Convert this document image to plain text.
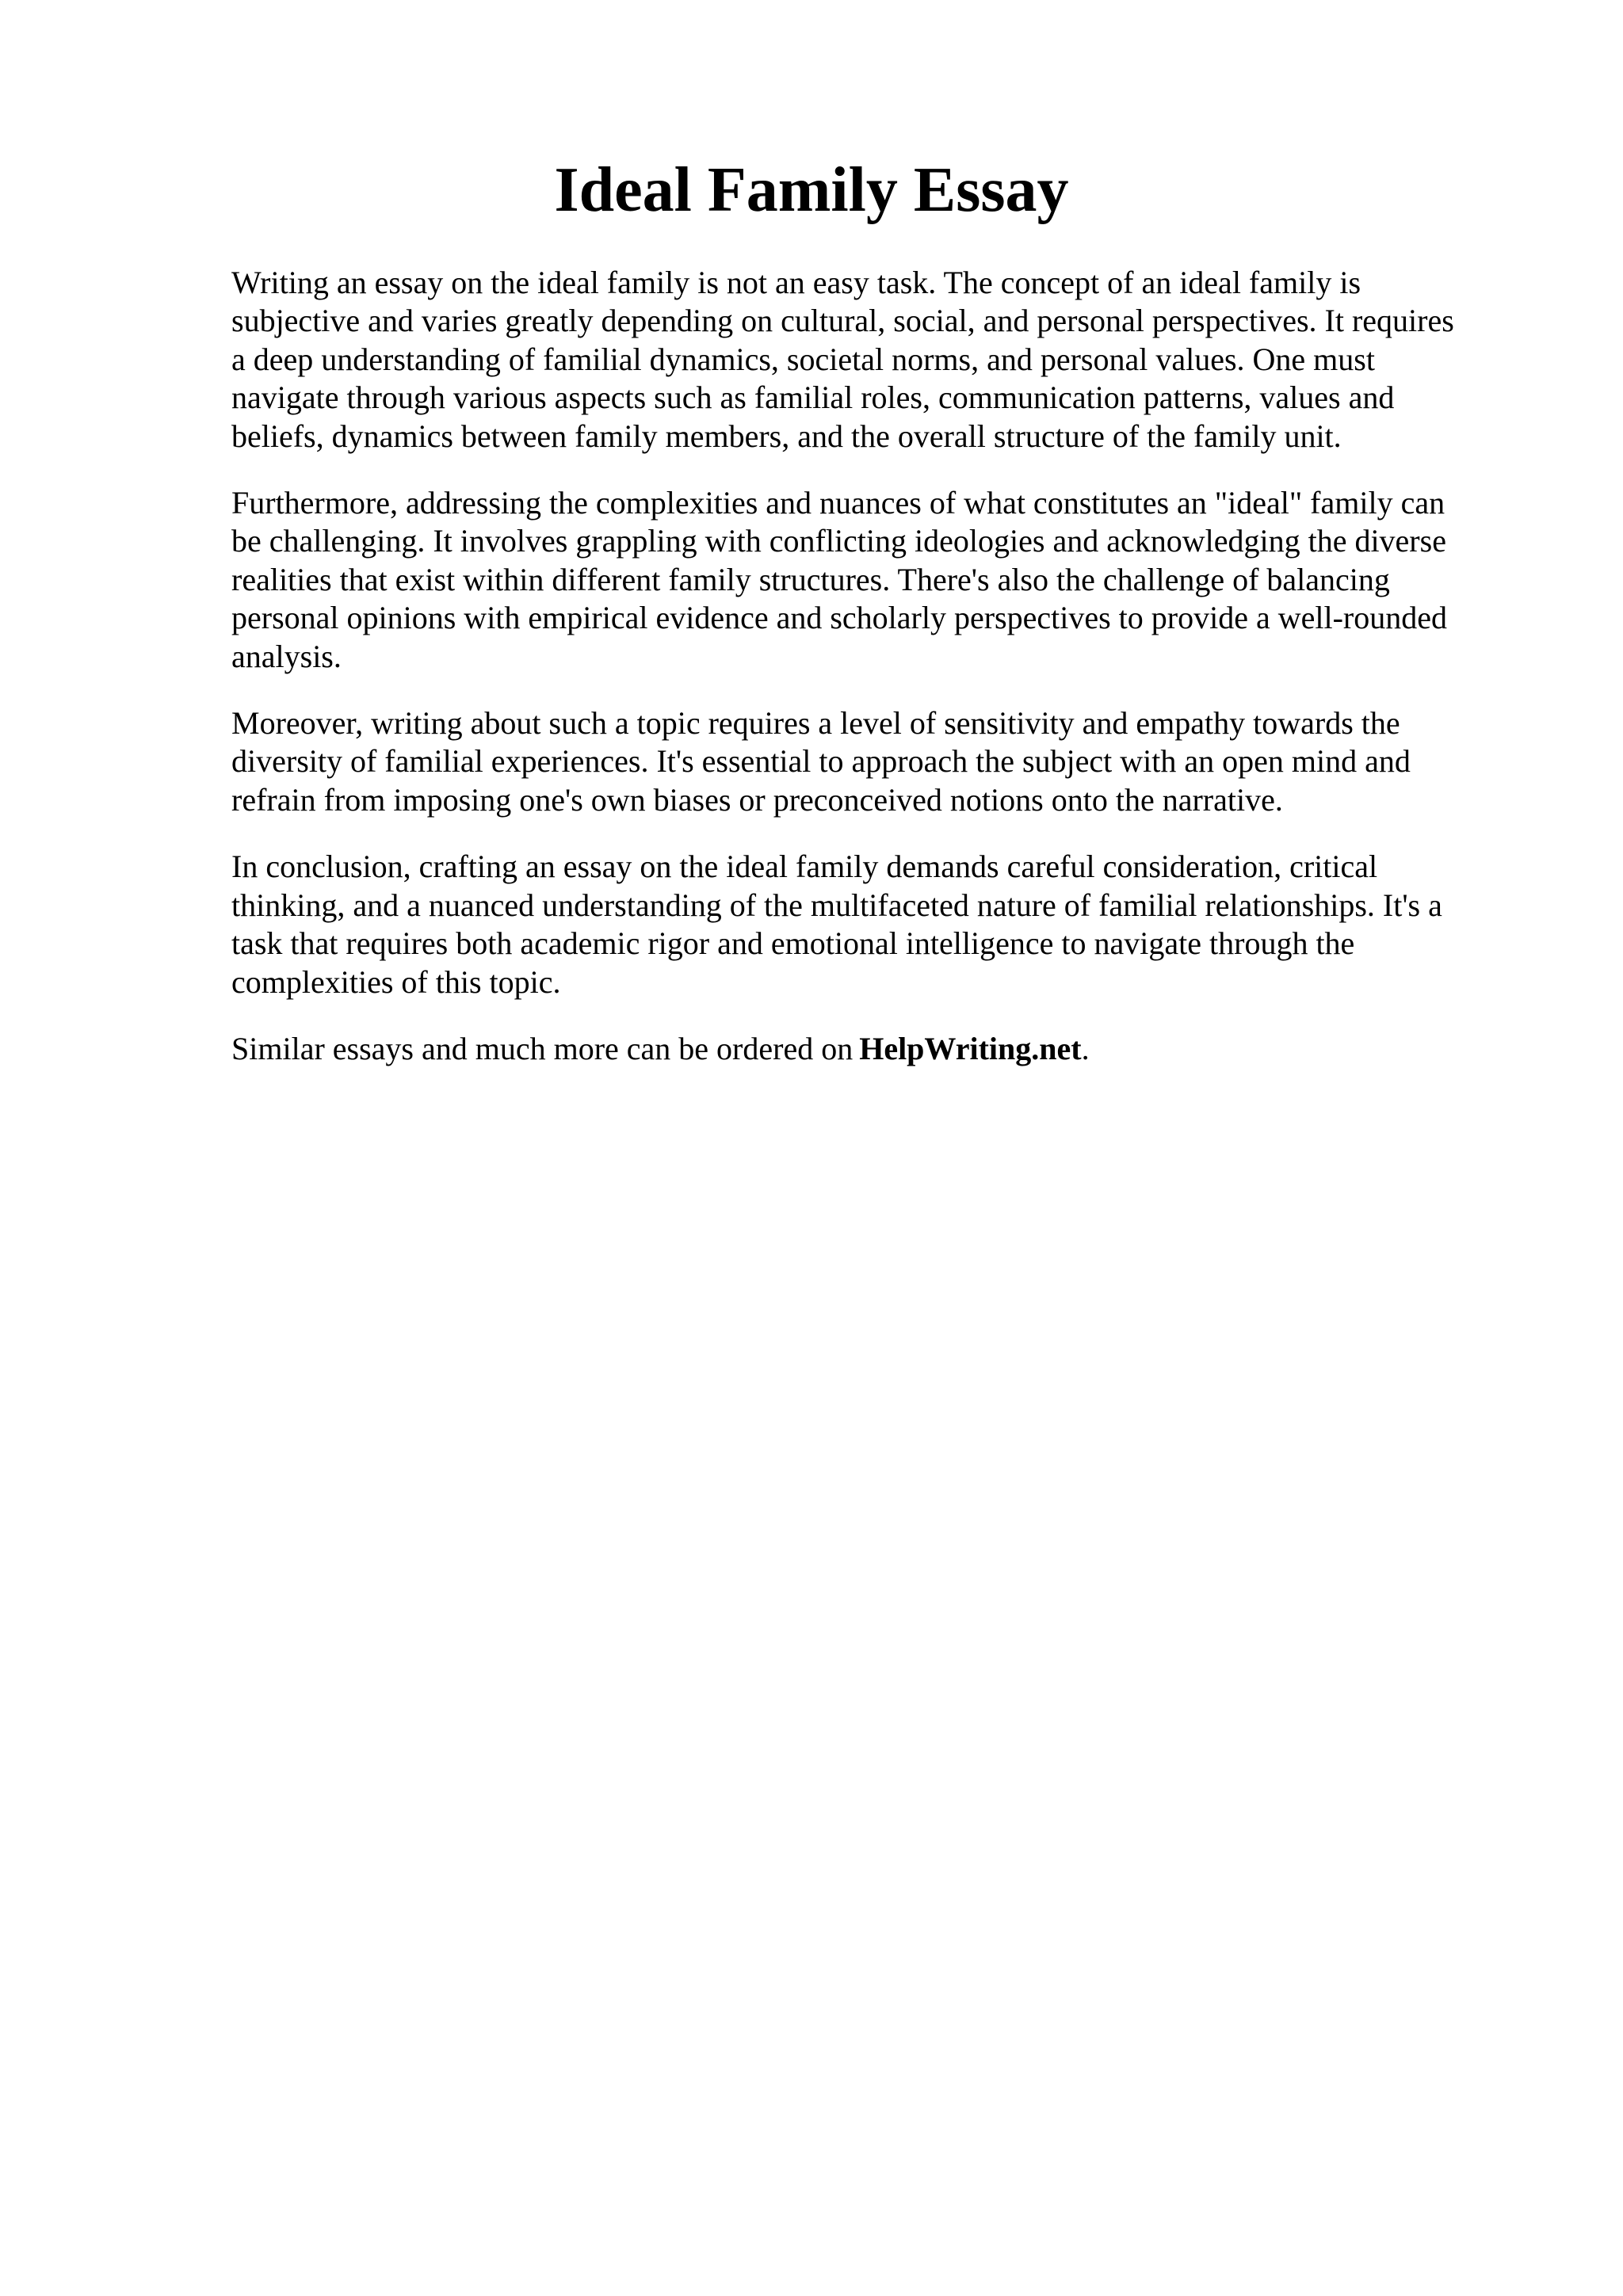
Ideal Family Essay

Writing an essay on the ideal family is not an easy task. The concept of an ideal family is
subjective and varies greatly depending on cultural, social, and personal perspectives. It requires
a deep understanding of familial dynamics, societal norms, and personal values. One must
navigate through various aspects such as familial roles, communication patterns, values and
beliefs, dynamics between family members, and the overall structure of the family unit.

Furthermore, addressing the complexities and nuances of what constitutes an "ideal" family can
be challenging. It involves grappling with conflicting ideologies and acknowledging the diverse
realities that exist within different family structures. There's also the challenge of balancing
personal opinions with empirical evidence and scholarly perspectives to provide a well-rounded
analysis.

Moreover, writing about such a topic requires a level of sensitivity and empathy towards the
diversity of familial experiences. It's essential to approach the subject with an open mind and
refrain from imposing one's own biases or preconceived notions onto the narrative.

In conclusion, crafting an essay on the ideal family demands careful consideration, critical
thinking, and a nuanced understanding of the multifaceted nature of familial relationships. It's a
task that requires both academic rigor and emotional intelligence to navigate through the
complexities of this topic.

Similar essays and much more can be ordered on HelpWriting.net.
